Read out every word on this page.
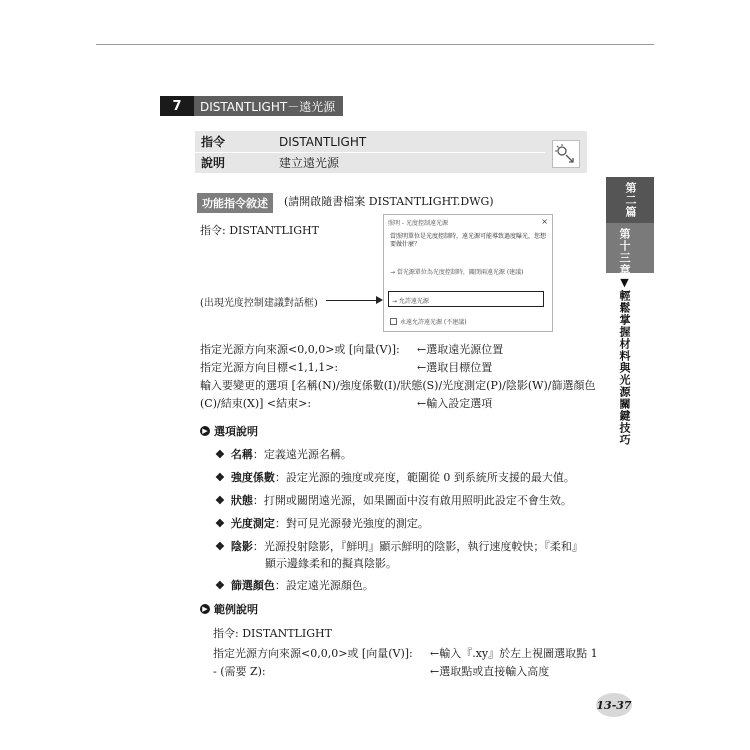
7	DISTANTLIGHT－遠光源
指令	DISTANTLIGHT
說明	建立遠光源
第二篇
第十三章▼輕鬆掌握材料與光源關鍵技巧
功能指令敘述	(請開啟隨書檔案 DISTANTLIGHT.DWG)
指令: DISTANTLIGHT
照明 - 光度控制遠光源	×
當照明單位是光度控制時，遠光源可能導致過度曝光，您想要做什麼？
→ 當光源單位為光度控制時，關閉兩遠光源 (建議)
→ 允許遠光源
永遠允許遠光源 (不建議)
(出現光度控制建議對話框)
指定光源方向來源<0,0,0>或 [向量(V)]: ←選取遠光源位置
指定光源方向目標<1,1,1>:	←選取目標位置
輸入要變更的選項 [名稱(N)/強度係數(I)/狀態(S)/光度測定(P)/陰影(W)/篩選顏色
(C)/結束(X)] <結束>:	←輸入設定選項
▶ 選項說明
❖ 名稱：定義遠光源名稱。
❖ 強度係數：設定光源的強度或亮度，範圍從 0 到系統所支援的最大值。
❖ 狀態：打開或關閉遠光源，如果圖面中沒有啟用照明此設定不會生效。
❖ 光度測定：對可見光源發光強度的測定。
❖ 陰影：光源投射陰影，『鮮明』顯示鮮明的陰影，執行速度較快；『柔和』
顯示邊緣柔和的擬真陰影。
❖ 篩選顏色：設定遠光源顏色。
▶ 範例說明
指令: DISTANTLIGHT
指定光源方向來源<0,0,0>或 [向量(V)]: ←輸入『.xy』於左上視圖選取點 1
- (需要 Z):	←選取點或直接輸入高度
13-37
